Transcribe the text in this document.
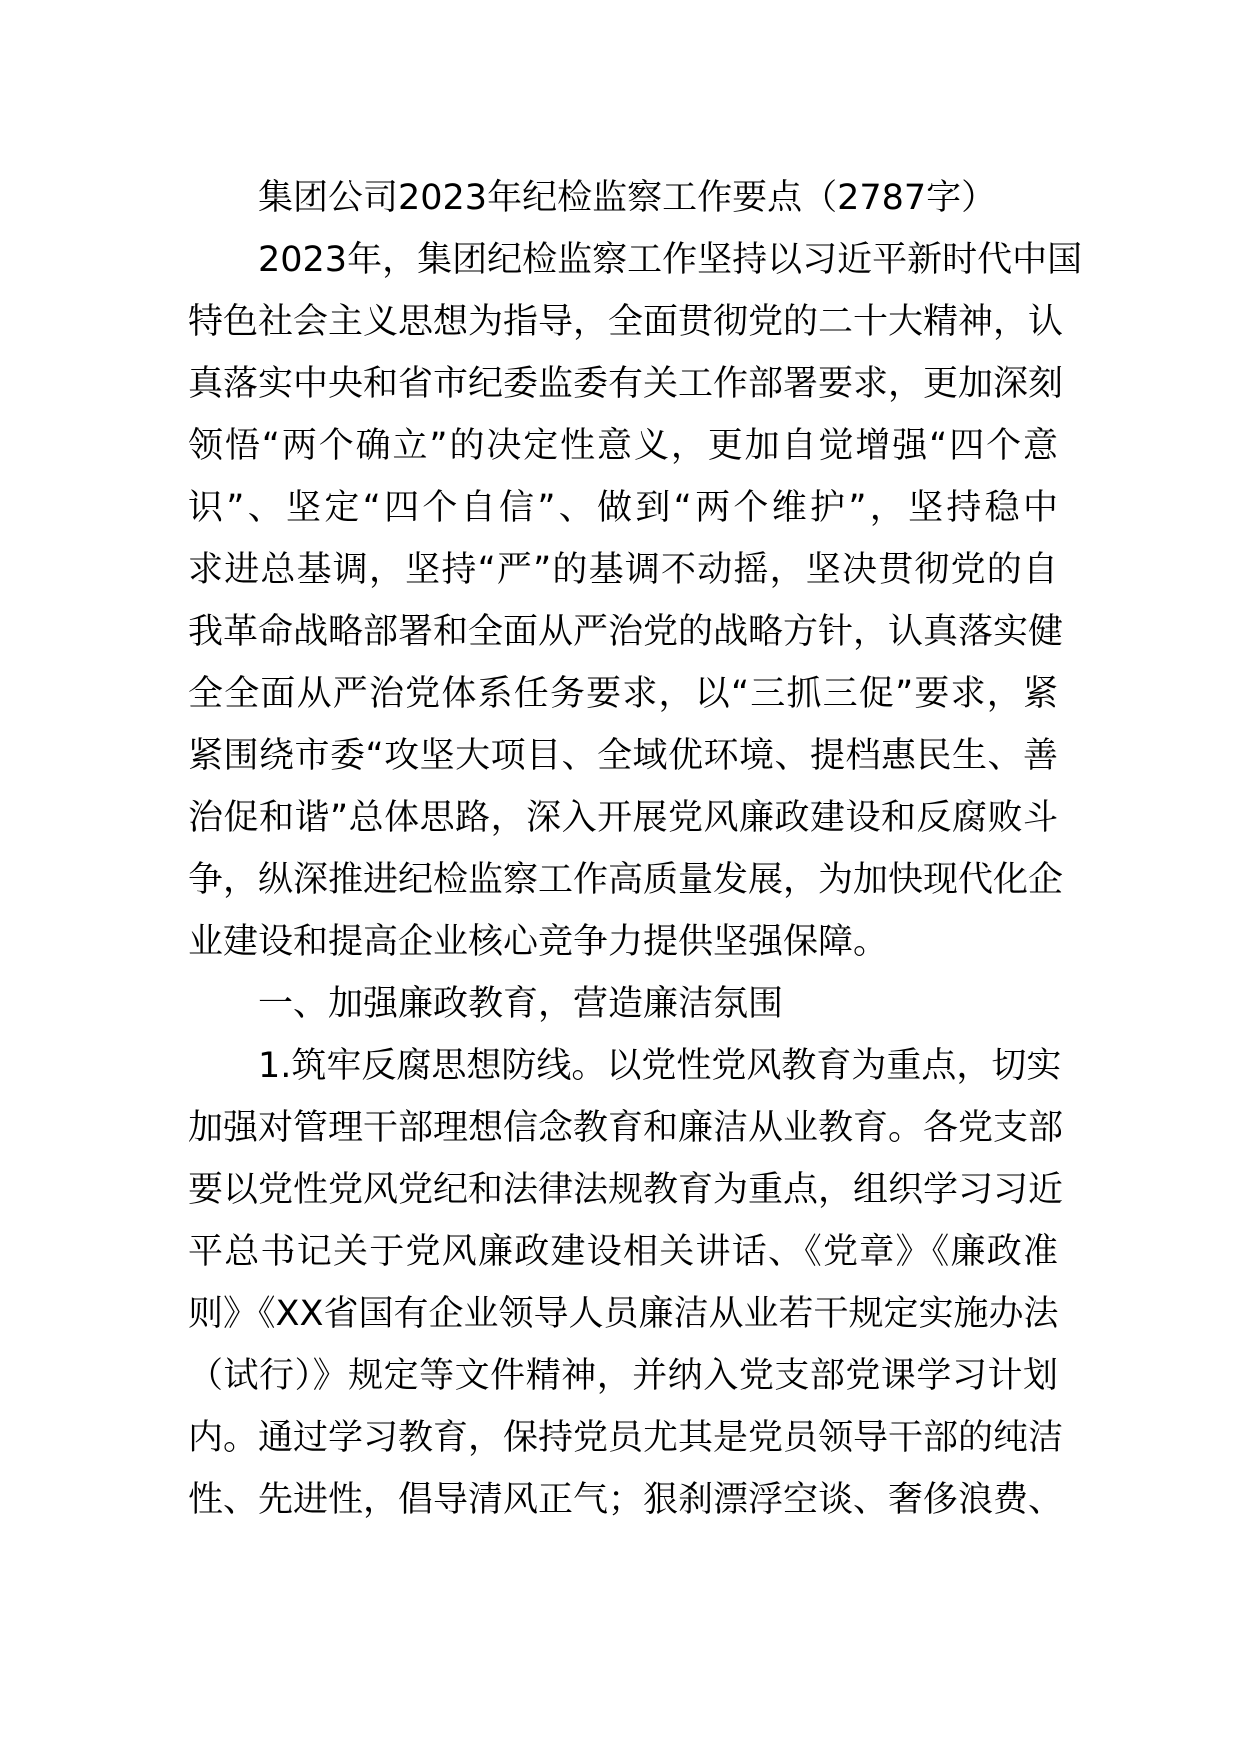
集团公司2023年纪检监察工作要点（2787字）
2023年，集团纪检监察工作坚持以习近平新时代中国
特色社会主义思想为指导，全面贯彻党的二十大精神，认
真落实中央和省市纪委监委有关工作部署要求，更加深刻
领悟“两个确立”的决定性意义，更加自觉增强“四个意
识”、坚定“四个自信”、做到“两个维护”，坚持稳中
求进总基调，坚持“严”的基调不动摇，坚决贯彻党的自
我革命战略部署和全面从严治党的战略方针，认真落实健
全全面从严治党体系任务要求，以“三抓三促”要求，紧
紧围绕市委“攻坚大项目、全域优环境、提档惠民生、善
治促和谐”总体思路，深入开展党风廉政建设和反腐败斗
争，纵深推进纪检监察工作高质量发展，为加快现代化企
业建设和提高企业核心竞争力提供坚强保障。
一、加强廉政教育，营造廉洁氛围
1.筑牢反腐思想防线。以党性党风教育为重点，切实
加强对管理干部理想信念教育和廉洁从业教育。各党支部
要以党性党风党纪和法律法规教育为重点，组织学习习近
平总书记关于党风廉政建设相关讲话、《党章》《廉政准
则》《XX省国有企业领导人员廉洁从业若干规定实施办法
（试行）》规定等文件精神，并纳入党支部党课学习计划
内。通过学习教育，保持党员尤其是党员领导干部的纯洁
性、先进性，倡导清风正气；狠刹漂浮空谈、奢侈浪费、
